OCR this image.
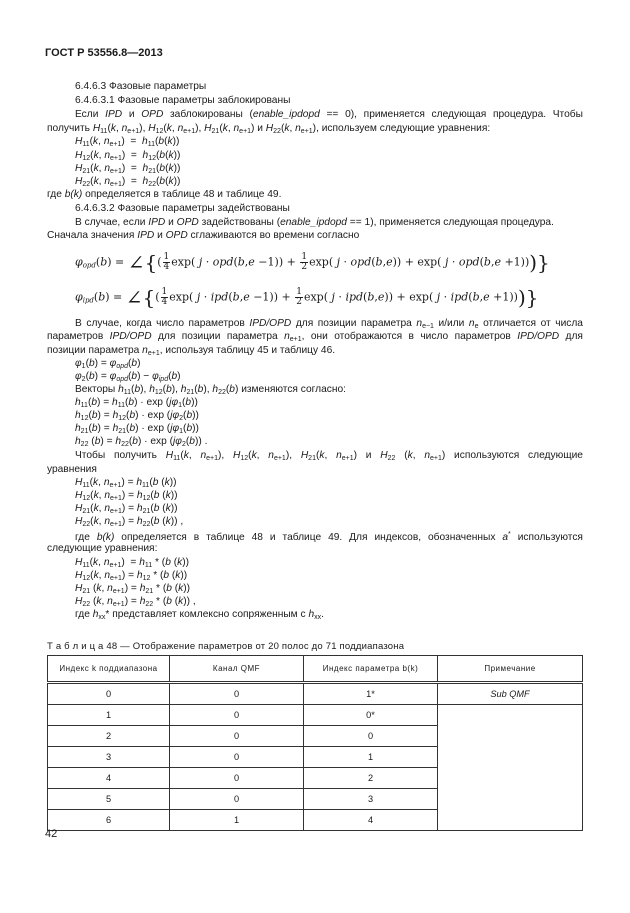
ГОСТ Р 53556.8—2013
6.4.6.3 Фазовые параметры
6.4.6.3.1 Фазовые параметры заблокированы
Если IPD и OPD заблокированы (enable_ipdopd == 0), применяется следующая процедура. Чтобы
получить $H_{11}(k$, $n_{e+1}$), $H_{12}(k$, $n_{e+1}$), $H_{21}(k$, $n_{e+1}$) и $H_{22}(k$, $n_{e+1}$), используем следующие уравнения:
$H_{11}(k$, $n_{e+1}) = h_{11}(b(k))$
$H_{12}(k$, $n_{e+1}) = h_{12}(b(k))$
$H_{21}(k$, $n_{e+1}) = h_{21}(b(k))$
$H_{22}(k$, $n_{e+1}) = h_{22}(b(k))$
где b(k) определяется в таблице 48 и таблице 49.
6.4.6.3.2 Фазовые параметры задействованы
В случае, если IPD и OPD задействованы (enable_ipdopd == 1), применяется следующая процедура.
Сначала значения IPD и OPD сглаживаются во времени согласно
$\varphi_{opd}(b)$ = ∠{( $\frac{1}{4} \exp$( $j \cdot opd(b,e -1)) + \frac{1}{2} \exp$( j · opd(b,e)) + exp( j · opd(b,e +1)))}
$\varphi_{ipd}(b)$ = ∠{( $\frac{1}{4} \exp$( $j \cdot ipd(b,e -1)) + \frac{1}{2} \exp$( j · ipd(b,e)) + exp( j · ipd(b,e +1)))}
В случае, когда число параметров IPD/OPD для позиции параметра $n_{e-1}$ и/или $n_e$ отличается от числа
параметров IPD/OPD для позиции параметра $n_{e+1}$, они отображаются в число параметров IPD/OPD для
позиции параметра $n_{e+1}$, используя таблицу 45 и таблицу 46.
$\varphi_1(b) = \varphi_{opd}(b)$
$\varphi_2(b) = \varphi_{opd}(b) - \varphi_{ipd}(b)$
Векторы $h_{11}(b)$, $h_{12}(b)$, $h_{21}(b)$, $h_{22}(b)$ изменяются согласно:
$h_{11}(b) = h_{11}(b) \cdot \exp (j\varphi_1(b))$
$h_{12}(b) = h_{12}(b) \cdot \exp (j\varphi_2(b))$
$h_{21}(b) = h_{21}(b) \cdot \exp (j\varphi_1(b))$
$h_{22}$ $(b) = h_{22}(b) \cdot \exp (j\varphi_2(b))$ .
Чтобы получить $H_{11}(k$, $n_{e+1}$), $H_{12}(k$, $n_{e+1}$), $H_{21}(k$, $n_{e+1}$) и $H_{22}$ (k, $n_{e+1}$) используются следующие
уравнения
$H_{11}(k$, $n_{e+1}) = h_{11}(b$ (k))
$H_{12}(k$, $n_{e+1}) = h_{12}(b$ (k))
$H_{21}(k$, $n_{e+1}) = h_{21}(b$ (k))
$H_{22}(k$, $n_{e+1}) = h_{22}(b$ (k)) ,
где b(k) определяется в таблице 48 и таблице 49. Для индексов, обозначенных a* используются
следующие уравнения:
$H_{11}(k$, $n_{e+1}) = h_{11} * (b$ (k))
$H_{12}(k$, $n_{e+1}) = h_{12} * (b$ (k))
$H_{21}$ (k, $n_{e+1}) = h_{21} * (b$ (k))
$H_{22}$ (k, $n_{e+1}) = h_{22} * (b$ (k)) ,
где $h_{xx}*$ представляет комлексно сопряженным с $h_{xx}$.
Т а б л и ц а 48 — Отображение параметров от 20 полос до 71 поддиапазона
Индекс k поддиапазона	Канал QMF	Индекс параметра b(k)	Примечание
0	0	1*	Sub QMF
1	0	0*	
2	0	0	
3	0	1	
4	0	2	
5	0	3	
6	1	4	
42
